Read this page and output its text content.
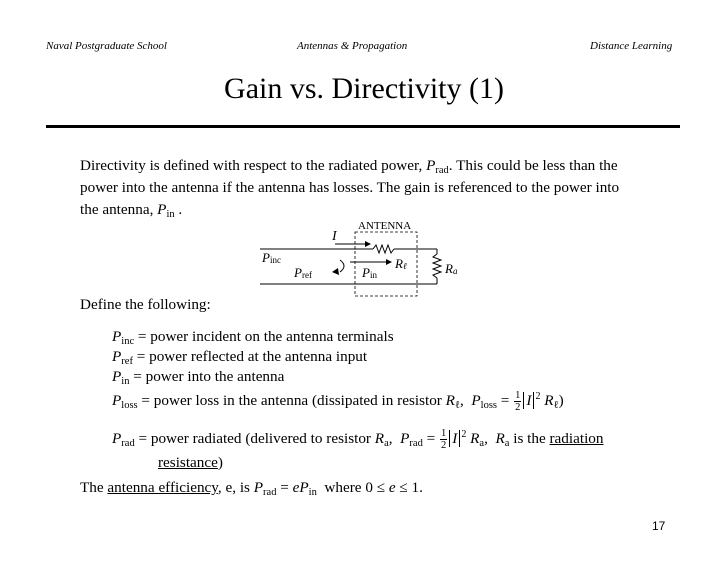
Naval Postgraduate School	Antennas & Propagation	Distance Learning
Gain vs. Directivity (1)
Directivity is defined with respect to the radiated power, $P_{rad}$. This could be less than the
power into the antenna if the antenna has losses. The gain is referenced to the power into
the antenna, $P_{in}$ .
ANTENNA
I
Pinc
Pref	Pin
Rℓ	Ra
Define the following:
$P_{inc}$ = power incident on the antenna terminals
$P_{ref}$ = power reflected at the antenna input
$P_{in}$ = power into the antenna
$P_{loss}$ = power loss in the antenna (dissipated in resistor $R_\ell$,  $P_{loss} = \frac{1}{2}$ I $^2$ $R_\ell$)
$P_{rad}$ = power radiated (delivered to resistor $R_a$,  $P_{rad} = \frac{1}{2}$ I $^2$ $R_a$,  $R_a$ is the radiation
resistance)
The antenna efficiency, e, is $P_{rad} = eP_{in}$ where 0 ≤ e ≤ 1.
17
